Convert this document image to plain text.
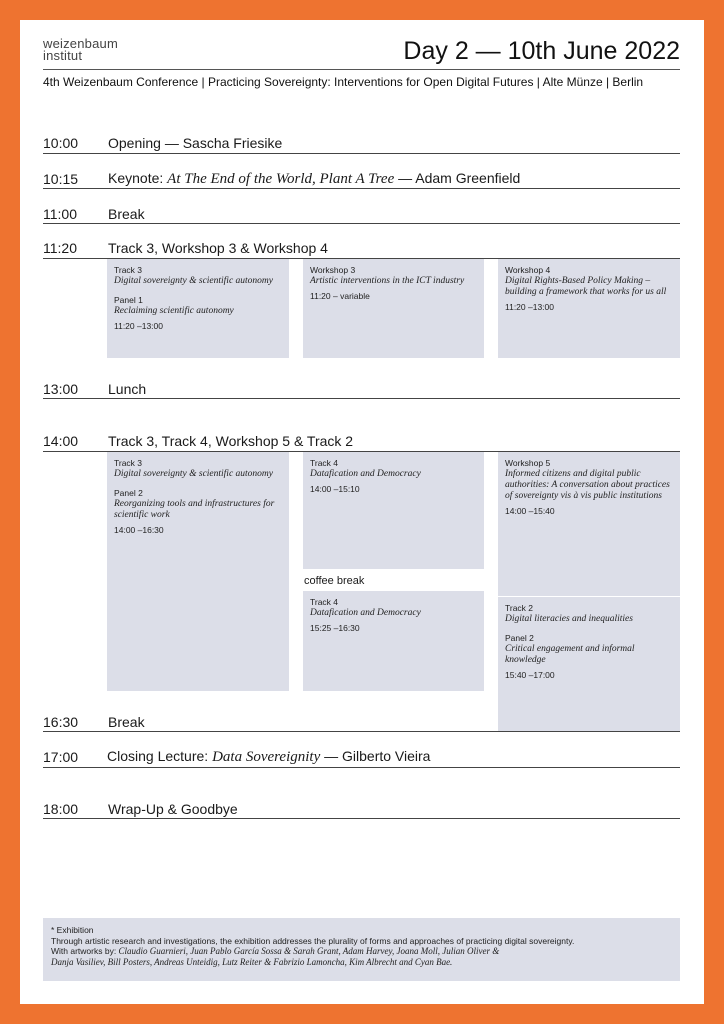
weizenbaum
institut	Day 2 — 10th June 2022
4th Weizenbaum Conference | Practicing Sovereignty: Interventions for Open Digital Futures | Alte Münze | Berlin
10:00 Opening — Sascha Friesike
10:15 Keynote: At The End of the World, Plant A Tree — Adam Greenfield
11:00 Break
11:20 Track 3, Workshop 3 & Workshop 4
Track 3
Digital sovereignty & scientific autonomy
Panel 1
Reclaiming scientific autonomy
11:20 –13:00
Workshop 3
Artistic interventions in the ICT industry
11:20 – variable
Workshop 4
Digital Rights-Based Policy Making – building a framework that works for us all
11:20 –13:00
13:00 Lunch
14:00 Track 3, Track 4, Workshop 5 & Track 2
Track 3
Digital sovereignty & scientific autonomy
Panel 2
Reorganizing tools and infrastructures for scientific work
14:00 –16:30
Track 4
Datafication and Democracy
14:00 –15:10
coffee break
Track 4
Datafication and Democracy
15:25 –16:30
Workshop 5
Informed citizens and digital public authorities: A conversation about practices of sovereignty vis à vis public institutions
14:00 –15:40
Track 2
Digital literacies and inequalities
Panel 2
Critical engagement and informal knowledge
15:40 –17:00
16:30 Break
17:00 Closing Lecture: Data Sovereignity — Gilberto Vieira
18:00 Wrap-Up & Goodbye
* Exhibition
Through artistic research and investigations, the exhibition addresses the plurality of forms and approaches of practicing digital sovereignty.
With artworks by: Claudio Guarnieri, Juan Pablo García Sossa & Sarah Grant, Adam Harvey, Joana Moll, Julian Oliver &
Danja Vasiliev, Bill Posters, Andreas Unteidig, Lutz Reiter & Fabrizio Lamoncha, Kim Albrecht and Cyan Bae.
